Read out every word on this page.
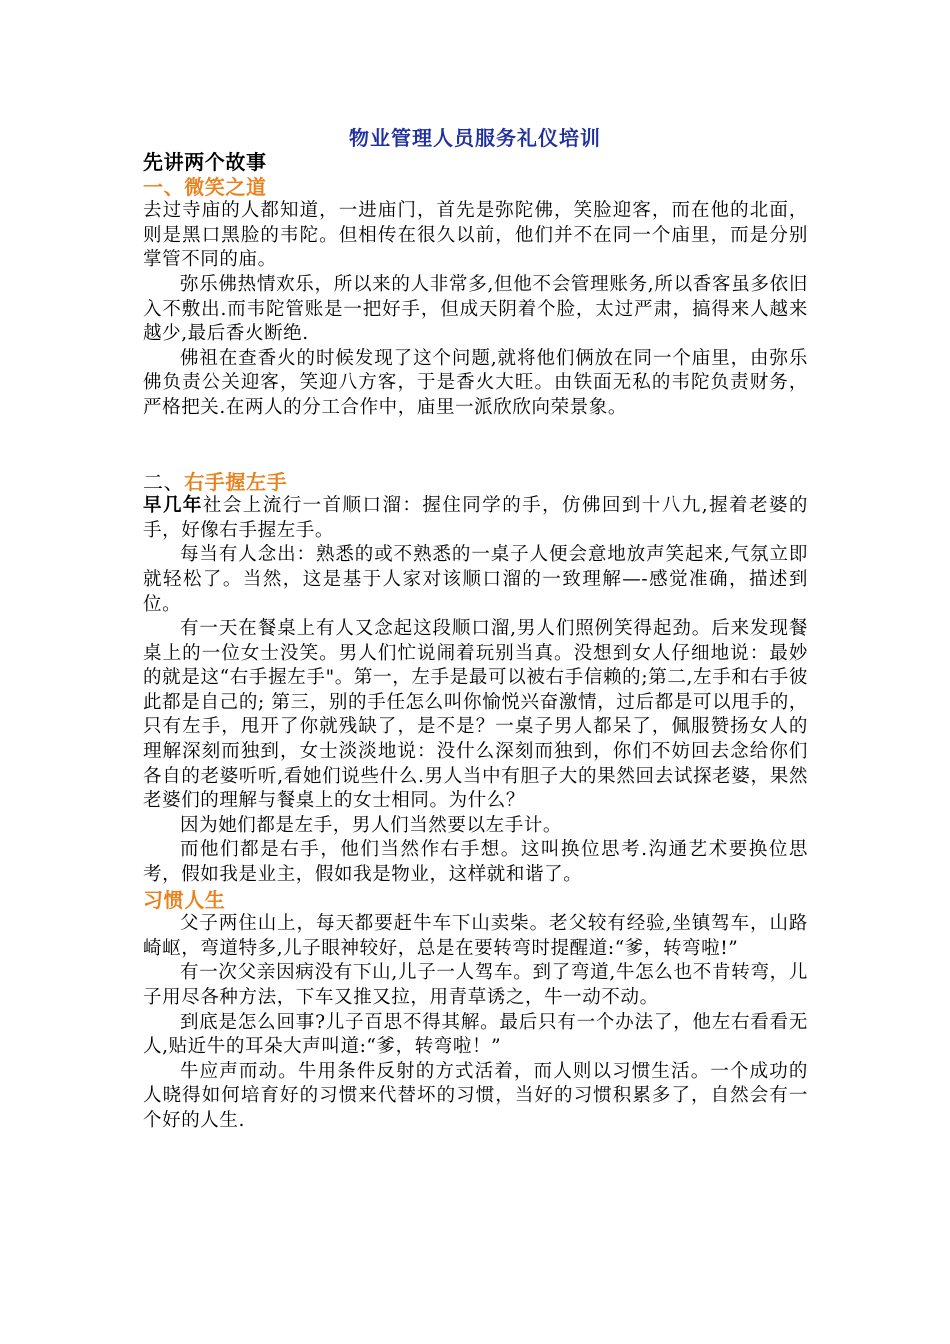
物业管理人员服务礼仪培训
先讲两个故事
一、微笑之道

去过寺庙的人都知道，一进庙门，首先是弥陀佛，笑脸迎客，而在他的北面，则是黑口黑脸的韦陀。但相传在很久以前，他们并不在同一个庙里，而是分别掌管不同的庙。

弥乐佛热情欢乐，所以来的人非常多,但他不会管理账务,所以香客虽多依旧入不敷出.而韦陀管账是一把好手，但成天阴着个脸，太过严肃，搞得来人越来越少,最后香火断绝.

佛祖在查香火的时候发现了这个问题,就将他们俩放在同一个庙里，由弥乐佛负责公关迎客，笑迎八方客，于是香火大旺。由铁面无私的韦陀负责财务，严格把关.在两人的分工合作中，庙里一派欣欣向荣景象。

二、右手握左手

早几年社会上流行一首顺口溜：握住同学的手，仿佛回到十八九,握着老婆的手，好像右手握左手。

每当有人念出：熟悉的或不熟悉的一桌子人便会意地放声笑起来,气氛立即就轻松了。当然，这是基于人家对该顺口溜的一致理解—-感觉准确，描述到位。

有一天在餐桌上有人又念起这段顺口溜,男人们照例笑得起劲。后来发现餐桌上的一位女士没笑。男人们忙说闹着玩别当真。没想到女人仔细地说：最妙的就是这“右手握左手"。第一，左手是最可以被右手信赖的;第二,左手和右手彼此都是自己的; 第三，别的手任怎么叫你愉悦兴奋激情，过后都是可以甩手的，只有左手，甩开了你就残缺了，是不是？一桌子男人都呆了，佩服赞扬女人的理解深刻而独到，女士淡淡地说：没什么深刻而独到，你们不妨回去念给你们各自的老婆听听,看她们说些什么.男人当中有胆子大的果然回去试探老婆，果然老婆们的理解与餐桌上的女士相同。为什么？

因为她们都是左手，男人们当然要以左手计。

而他们都是右手，他们当然作右手想。这叫换位思考.沟通艺术要换位思考，假如我是业主，假如我是物业，这样就和谐了。

习惯人生

父子两住山上，每天都要赶牛车下山卖柴。老父较有经验,坐镇驾车，山路崎岖，弯道特多,儿子眼神较好，总是在要转弯时提醒道:“爹，转弯啦!”

有一次父亲因病没有下山,儿子一人驾车。到了弯道,牛怎么也不肯转弯，儿子用尽各种方法，下车又推又拉，用青草诱之，牛一动不动。

到底是怎么回事?儿子百思不得其解。最后只有一个办法了，他左右看看无人,贴近牛的耳朵大声叫道:“爹，转弯啦！”

牛应声而动。牛用条件反射的方式活着，而人则以习惯生活。一个成功的人晓得如何培育好的习惯来代替坏的习惯，当好的习惯积累多了，自然会有一个好的人生.
